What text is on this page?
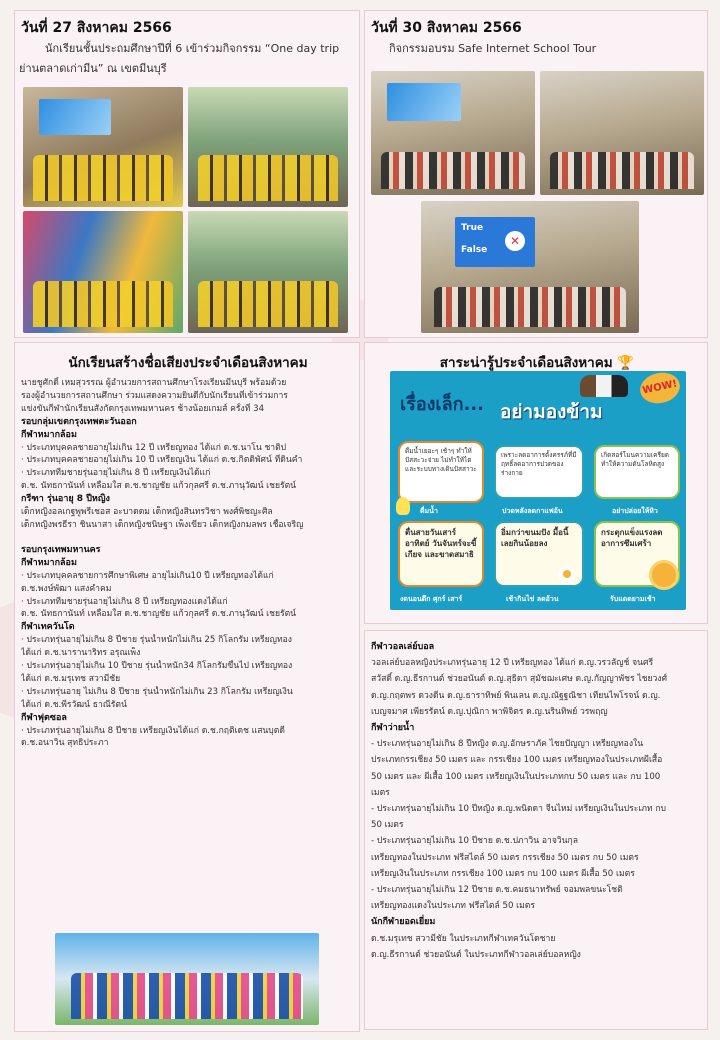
วันที่ 27 สิงหาคม 2566
นักเรียนชั้นประถมศึกษาปีที่ 6 เข้าร่วมกิจกรรม “One day trip
ย่านตลาดเก่ามีน” ณ เขตมีนบุรี
วันที่ 30 สิงหาคม 2566
กิจกรรมอบรม Safe Internet School Tour
True
False
✕
นักเรียนสร้างชื่อเสียงประจำเดือนสิงหาคม
นายชูศักดิ์ เหมสุวรรณ ผู้อำนวยการสถานศึกษาโรงเรียนมีนบุรี พร้อมด้วย
รองผู้อำนวยการสถานศึกษา ร่วมแสดงความยินดีกับนักเรียนที่เข้าร่วมการ
แข่งขันกีฬานักเรียนสังกัดกรุงเทพมหานคร ช้างน้อยเกมส์ ครั้งที่ 34
รอบกลุ่มเขตกรุงเทพตะวันออก
กีฬาหมากล้อม
· ประเภทบุคคลชายอายุไม่เกิน 12 ปี เหรียญทอง ได้แก่ ด.ช.นาโน ชาติป
· ประเภทบุคคลชายอายุไม่เกิน 10 ปี เหรียญเงิน ได้แก่ ด.ช.กิตติพัศน์ ที่ดินคำ
· ประเภททีมชายรุ่นอายุไม่เกิน 8 ปี เหรียญเงินได้แก่
ด.ช. นัทธกานันท์ เหลื่อมใส ด.ช.ชาญชัย แก้วกุลศรี ด.ช.ภานุวัฒน์ เชยรัตน์
กรีฑา รุ่นอายุ 8 ปีหญิง
เด็กหญิงอลเกฐพูพรีเชอส อะบาดดม เด็กหญิงสินทรวิชา พงศ์พิชญะศิล
เด็กหญิงพรธีรา ชินนาสา เด็กหญิงชนิษฐา เพ็งเขียว เด็กหญิงกมลพร เชื้อเจริญ
รอบกรุงเทพมหานคร
กีฬาหมากล้อม
· ประเภทบุคคลชายการศึกษาพิเศษ อายุไม่เกิน10 ปี เหรียญทองได้แก่
ด.ช.พงษ์พัฒา แสงคำคม
· ประเภททีมชายรุ่นอายุไม่เกิน 8 ปี เหรียญทองแดงได้แก่
ด.ช. นัทธกานันท์ เหลื่อมใส ด.ช.ชาญชัย แก้วกุลศรี ด.ช.ภานุวัฒน์ เชยรัตน์
กีฬาเทควันโด
· ประเภทรุ่นอายุไม่เกิน 8 ปีชาย รุ่นน้ำหนักไม่เกิน 25 กิโลกรัม เหรียญทอง
ได้แก่ ด.ช.นารานาริทร อรุณเพ็ง
· ประเภทรุ่นอายุไม่เกิน 10 ปีชาย รุ่นน้ำหนัก34 กิโลกรัมขึ้นไป เหรียญทอง
ได้แก่ ด.ช.มรุเทช สวามีชัย
· ประเภทรุ่นอายุ ไม่เกิน 8 ปีชาย รุ่นน้ำหนักไม่เกิน 23 กิโลกรัม เหรียญเงิน
ได้แก่ ด.ช.พีรวัฒน์ ธาณีรัตน์
กีฬาฟุตซอล
· ประเภทรุ่นอายุไม่เกิน 8 ปีชาย เหรียญเงินได้แก่ ด.ช.กฤติเดช แสนบุตดี
ด.ช.อนาวิน สุทธิประภา
สาระน่ารู้ประจำเดือนสิงหาคม 🏆
เรื่องเล็ก... อย่ามองข้าม
WOW!
ดื่มน้ำเยอะๆ เช้าๆ ทำให้ปัสสะวะจ่าย ไม่ทำให้ไต และระบบทางเดินปัสสาวะ
เพราะลดอาการตั้งครรภ์ที่มีฤทธิ์ลดอาการปวดของร่างกาย
เกิดสอร์โมนความเครียด ทำให้ความดันโลหิตสูง
ดื่มน้ำ	ปวดหลังลดกาแฟอ้น	อย่าปล่อยให้หิว
ตื่นสายวันเสาร์ อาทิตย์ วันจันทร์จะขี้เกียจ และขาดสมาธิ
อิ่มกว่าขนมปัง มื้อนี้เลยกินน้อยลง
กระตุกแข็งแรงลดอาการซึมเศร้า
งดนอนดึก ศุกร์ เสาร์	เช้ากินไข่ ลดอ้วน	รับแดดยามเช้า
กีฬาวอลเล่ย์บอล
วอลเล่ย์บอลหญิงประเภทรุ่นอายุ 12 ปี เหรียญทอง ได้แก่ ด.ญ.วรวลัญช์ จนศรี
สวัสดิ์ ด.ญ.ธีรกานต์ ช่วยอนันต์ ด.ญ.สุธิดา สุมัชฌะเศษ ด.ญ.กัญญาพัชร ไชยวงศ์
ด.ญ.กฤตพร ดวงดีน ด.ญ.ธาราทิพย์ พินเลน ด.ญ.ณัฐฐณิชา เทียนไพโรจน์ ด.ญ.
เบญจมาศ เพียรรัตน์ ด.ญ.ปุณิกา พาพิจิตร ด.ญ.นรินทิพย์ วรพฤญ
กีฬาว่ายน้ำ
- ประเภทรุ่นอายุไม่เกิน 8 ปีหญิง ด.ญ.อักษราภัค ไชยปัญญา เหรียญทองใน
ประเภทกรรเชียง 50 เมตร และ กรรเชียง 100 เมตร เหรียญทองในประเภทผีเสื้อ
50 เมตร และ ผีเสื้อ 100 เมตร เหรียญเงินในประเภทกบ 50 เมตร และ กบ 100
เมตร
- ประเภทรุ่นอายุไม่เกิน 10 ปีหญิง ด.ญ.พนิดดา จีนไหม่ เหรียญเงินในประเภท กบ
50 เมตร
- ประเภทรุ่นอายุไม่เกิน 10 ปีชาย ด.ช.ปภาวิน อาจวินกุล
เหรียญทองในประเภท ฟรีสไตล์ 50 เมตร กรรเชียง 50 เมตร กบ 50 เมตร
เหรียญเงินในประเภท กรรเชียง 100 เมตร กบ 100 เมตร ผีเสื้อ 50 เมตร
- ประเภทรุ่นอายุไม่เกิน 12 ปีชาย ด.ช.คมธนาทรัพย์ จอมพลขนะโชติ
เหรียญทองแดงในประเภท ฟรีสไตล์ 50 เมตร
นักกีฬายอดเยี่ยม
ด.ช.มรุเทช สวามีชัย ในประเภทกีฬาเทควันโดชาย
ด.ญ.ธีรกานต์ ช่วยอนันต์ ในประเภทกีฬาวอลเล่ย์บอลหญิง
